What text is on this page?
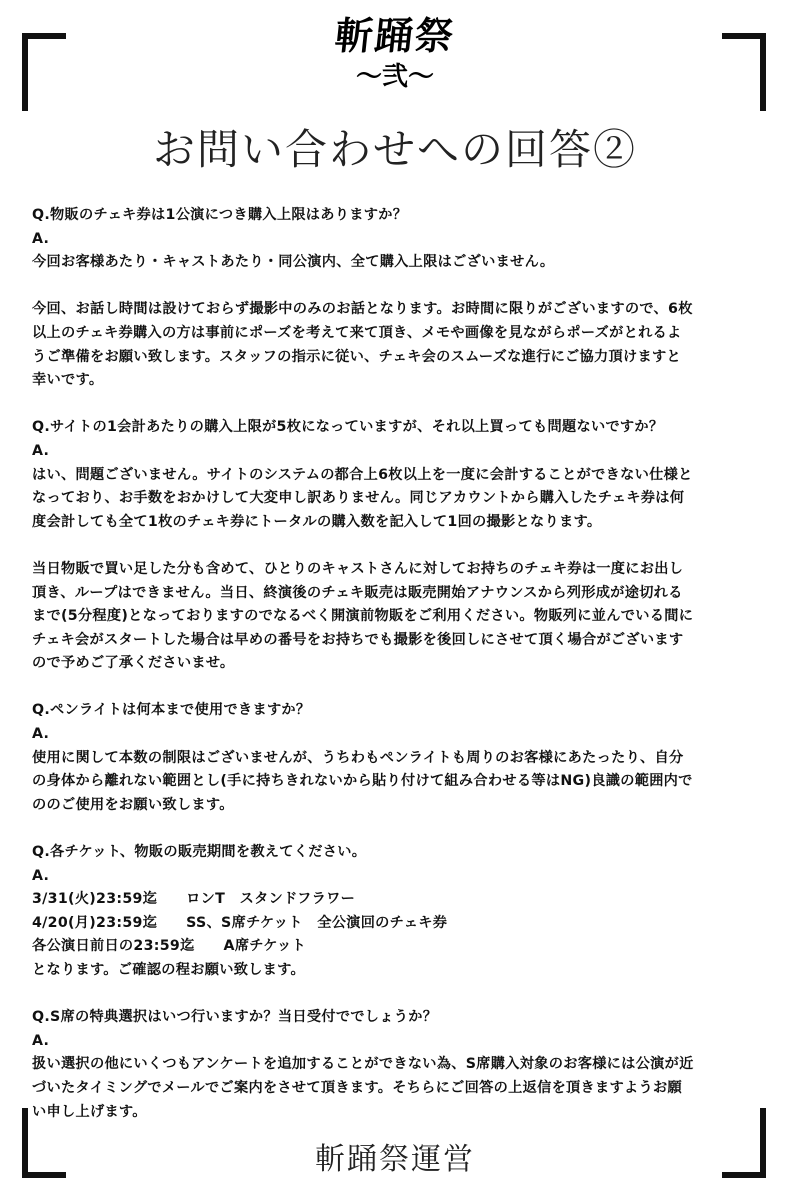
斬踊祭
〜弐〜
お問い合わせへの回答②
Q.物販のチェキ券は1公演につき購入上限はありますか？
A.
今回お客様あたり・キャストあたり・同公演内、全て購入上限はございません。
今回、お話し時間は設けておらず撮影中のみのお話となります。お時間に限りがございますので、6枚
以上のチェキ券購入の方は事前にポーズを考えて来て頂き、メモや画像を見ながらポーズがとれるよ
うご準備をお願い致します。スタッフの指示に従い、チェキ会のスムーズな進行にご協力頂けますと
幸いです。
Q.サイトの1会計あたりの購入上限が5枚になっていますが、それ以上買っても問題ないですか？
A.
はい、問題ございません。サイトのシステムの都合上6枚以上を一度に会計することができない仕様と
なっており、お手数をおかけして大変申し訳ありません。同じアカウントから購入したチェキ券は何
度会計しても全て1枚のチェキ券にトータルの購入数を記入して1回の撮影となります。
当日物販で買い足した分も含めて、ひとりのキャストさんに対してお持ちのチェキ券は一度にお出し
頂き、ループはできません。当日、終演後のチェキ販売は販売開始アナウンスから列形成が途切れる
まで(5分程度)となっておりますのでなるべく開演前物販をご利用ください。物販列に並んでいる間に
チェキ会がスタートした場合は早めの番号をお持ちでも撮影を後回しにさせて頂く場合がございます
ので予めご了承くださいませ。
Q.ペンライトは何本まで使用できますか？
A.
使用に関して本数の制限はございませんが、うちわもペンライトも周りのお客様にあたったり、自分
の身体から離れない範囲とし(手に持ちきれないから貼り付けて組み合わせる等はNG)良識の範囲内で
ののご使用をお願い致します。
Q.各チケット、物販の販売期間を教えてください。
A.
3/31(火)23:59迄　　ロンT　スタンドフラワー
4/20(月)23:59迄　　SS、S席チケット　全公演回のチェキ券
各公演日前日の23:59迄　　A席チケット
となります。ご確認の程お願い致します。
Q.S席の特典選択はいつ行いますか？当日受付ででしょうか？
A.
扱い選択の他にいくつもアンケートを追加することができない為、S席購入対象のお客様には公演が近
づいたタイミングでメールでご案内をさせて頂きます。そちらにご回答の上返信を頂きますようお願
い申し上げます。
斬踊祭運営
